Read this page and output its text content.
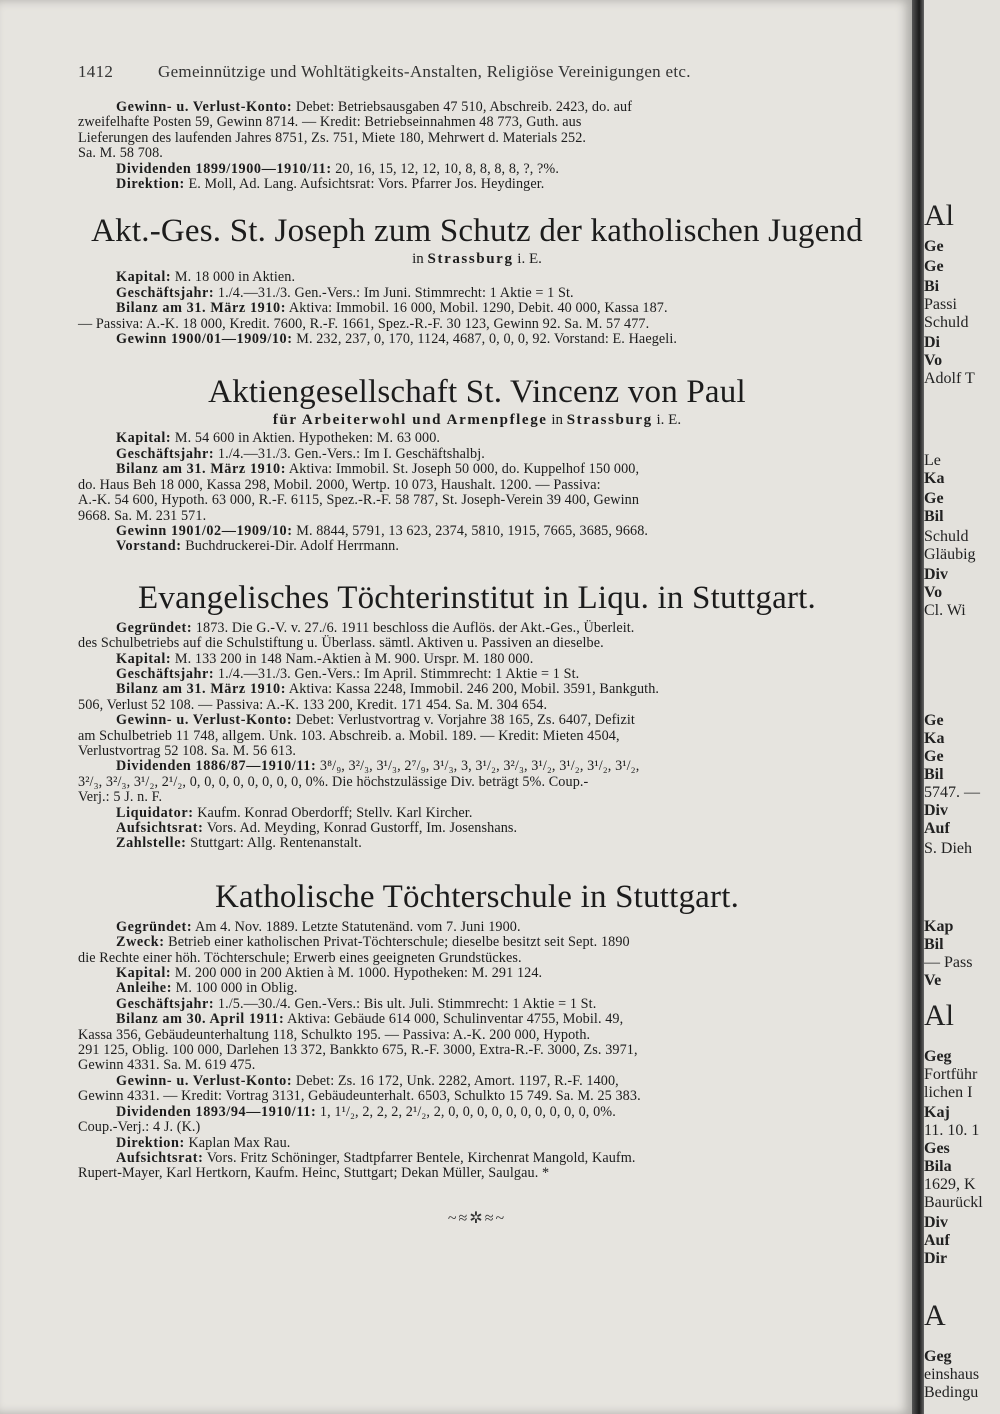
1412	Gemeinnützige und Wohltätigkeits-Anstalten, Religiöse Vereinigungen etc.

Gewinn- u. Verlust-Konto: Debet: Betriebsausgaben 47 510, Abschreib. 2423, do. auf

zweifelhafte Posten 59, Gewinn 8714. — Kredit: Betriebseinnahmen 48 773, Guth. aus

Lieferungen des laufenden Jahres 8751, Zs. 751, Miete 180, Mehrwert d. Materials 252.

Sa. M. 58 708.

Dividenden 1899/1900—1910/11: 20, 16, 15, 12, 12, 10, 8, 8, 8, 8, ?, ?%.

Direktion: E. Moll, Ad. Lang. Aufsichtsrat: Vors. Pfarrer Jos. Heydinger.

Akt.-Ges. St. Joseph zum Schutz der katholischen Jugend
in Strassburg i. E.

Kapital: M. 18 000 in Aktien.

Geschäftsjahr: 1./4.—31./3. Gen.-Vers.: Im Juni. Stimmrecht: 1 Aktie = 1 St.

Bilanz am 31. März 1910: Aktiva: Immobil. 16 000, Mobil. 1290, Debit. 40 000, Kassa 187.

— Passiva: A.-K. 18 000, Kredit. 7600, R.-F. 1661, Spez.-R.-F. 30 123, Gewinn 92. Sa. M. 57 477.

Gewinn 1900/01—1909/10: M. 232, 237, 0, 170, 1124, 4687, 0, 0, 0, 92. Vorstand: E. Haegeli.

Aktiengesellschaft St. Vincenz von Paul
für Arbeiterwohl und Armenpflege in Strassburg i. E.

Kapital: M. 54 600 in Aktien. Hypotheken: M. 63 000.

Geschäftsjahr: 1./4.—31./3. Gen.-Vers.: Im I. Geschäftshalbj.

Bilanz am 31. März 1910: Aktiva: Immobil. St. Joseph 50 000, do. Kuppelhof 150 000,

do. Haus Beh 18 000, Kassa 298, Mobil. 2000, Wertp. 10 073, Haushalt. 1200. — Passiva:

A.-K. 54 600, Hypoth. 63 000, R.-F. 6115, Spez.-R.-F. 58 787, St. Joseph-Verein 39 400, Gewinn

9668. Sa. M. 231 571.

Gewinn 1901/02—1909/10: M. 8844, 5791, 13 623, 2374, 5810, 1915, 7665, 3685, 9668.

Vorstand: Buchdruckerei-Dir. Adolf Herrmann.

Evangelisches Töchterinstitut in Liqu. in Stuttgart.

Gegründet: 1873. Die G.-V. v. 27./6. 1911 beschloss die Auflös. der Akt.-Ges., Überleit.

des Schulbetriebs auf die Schulstiftung u. Überlass. sämtl. Aktiven u. Passiven an dieselbe.

Kapital: M. 133 200 in 148 Nam.-Aktien à M. 900. Urspr. M. 180 000.

Geschäftsjahr: 1./4.—31./3. Gen.-Vers.: Im April. Stimmrecht: 1 Aktie = 1 St.

Bilanz am 31. März 1910: Aktiva: Kassa 2248, Immobil. 246 200, Mobil. 3591, Bankguth.

506, Verlust 52 108. — Passiva: A.-K. 133 200, Kredit. 171 454. Sa. M. 304 654.

Gewinn- u. Verlust-Konto: Debet: Verlustvortrag v. Vorjahre 38 165, Zs. 6407, Defizit

am Schulbetrieb 11 748, allgem. Unk. 103. Abschreib. a. Mobil. 189. — Kredit: Mieten 4504,

Verlustvortrag 52 108. Sa. M. 56 613.

Dividenden 1886/87—1910/11: 3⁸/₉, 3²/₃, 3¹/₃, 2⁷/₉, 3¹/₃, 3, 3¹/₂, 3²/₃, 3¹/₂, 3¹/₂, 3¹/₂, 3¹/₂,

3²/₃, 3²/₃, 3¹/₂, 2¹/₂, 0, 0, 0, 0, 0, 0, 0, 0, 0%. Die höchstzulässige Div. beträgt 5%. Coup.-

Verj.: 5 J. n. F.

Liquidator: Kaufm. Konrad Oberdorff; Stellv. Karl Kircher.

Aufsichtsrat: Vors. Ad. Meyding, Konrad Gustorff, Im. Josenshans.

Zahlstelle: Stuttgart: Allg. Rentenanstalt.

Katholische Töchterschule in Stuttgart.

Gegründet: Am 4. Nov. 1889. Letzte Statutenänd. vom 7. Juni 1900.

Zweck: Betrieb einer katholischen Privat-Töchterschule; dieselbe besitzt seit Sept. 1890

die Rechte einer höh. Töchterschule; Erwerb eines geeigneten Grundstückes.

Kapital: M. 200 000 in 200 Aktien à M. 1000. Hypotheken: M. 291 124.

Anleihe: M. 100 000 in Oblig.

Geschäftsjahr: 1./5.—30./4. Gen.-Vers.: Bis ult. Juli. Stimmrecht: 1 Aktie = 1 St.

Bilanz am 30. April 1911: Aktiva: Gebäude 614 000, Schulinventar 4755, Mobil. 49,

Kassa 356, Gebäudeunterhaltung 118, Schulkto 195. — Passiva: A.-K. 200 000, Hypoth.

291 125, Oblig. 100 000, Darlehen 13 372, Bankkto 675, R.-F. 3000, Extra-R.-F. 3000, Zs. 3971,

Gewinn 4331. Sa. M. 619 475.

Gewinn- u. Verlust-Konto: Debet: Zs. 16 172, Unk. 2282, Amort. 1197, R.-F. 1400,

Gewinn 4331. — Kredit: Vortrag 3131, Gebäudeunterhalt. 6503, Schulkto 15 749. Sa. M. 25 383.

Dividenden 1893/94—1910/11: 1, 1¹/₂, 2, 2, 2, 2¹/₂, 2, 0, 0, 0, 0, 0, 0, 0, 0, 0, 0, 0%.

Coup.-Verj.: 4 J. (K.)

Direktion: Kaplan Max Rau.

Aufsichtsrat: Vors. Fritz Schöninger, Stadtpfarrer Bentele, Kirchenrat Mangold, Kaufm.

Rupert-Mayer, Karl Hertkorn, Kaufm. Heinc, Stuttgart; Dekan Müller, Saulgau. *

~≈✲≈~
Al
Ge
Ge
Bi
Passi
Schuld
Di
Vo
Adolf T
Le
Ka
Ge
Bil
Schuld
Gläubig
Div
Vo
Cl. Wi
Ge
Ka
Ge
Bil
5747. —
Div
Auf
S. Dieh
Kap
Bil
— Pass
Ve
Al
Geg
Fortführ
lichen I
Kaj
11. 10. 1
Ges
Bila
1629, K
Baurückl
Div
Auf
Dir
A
Geg
einshaus
Bedingu
